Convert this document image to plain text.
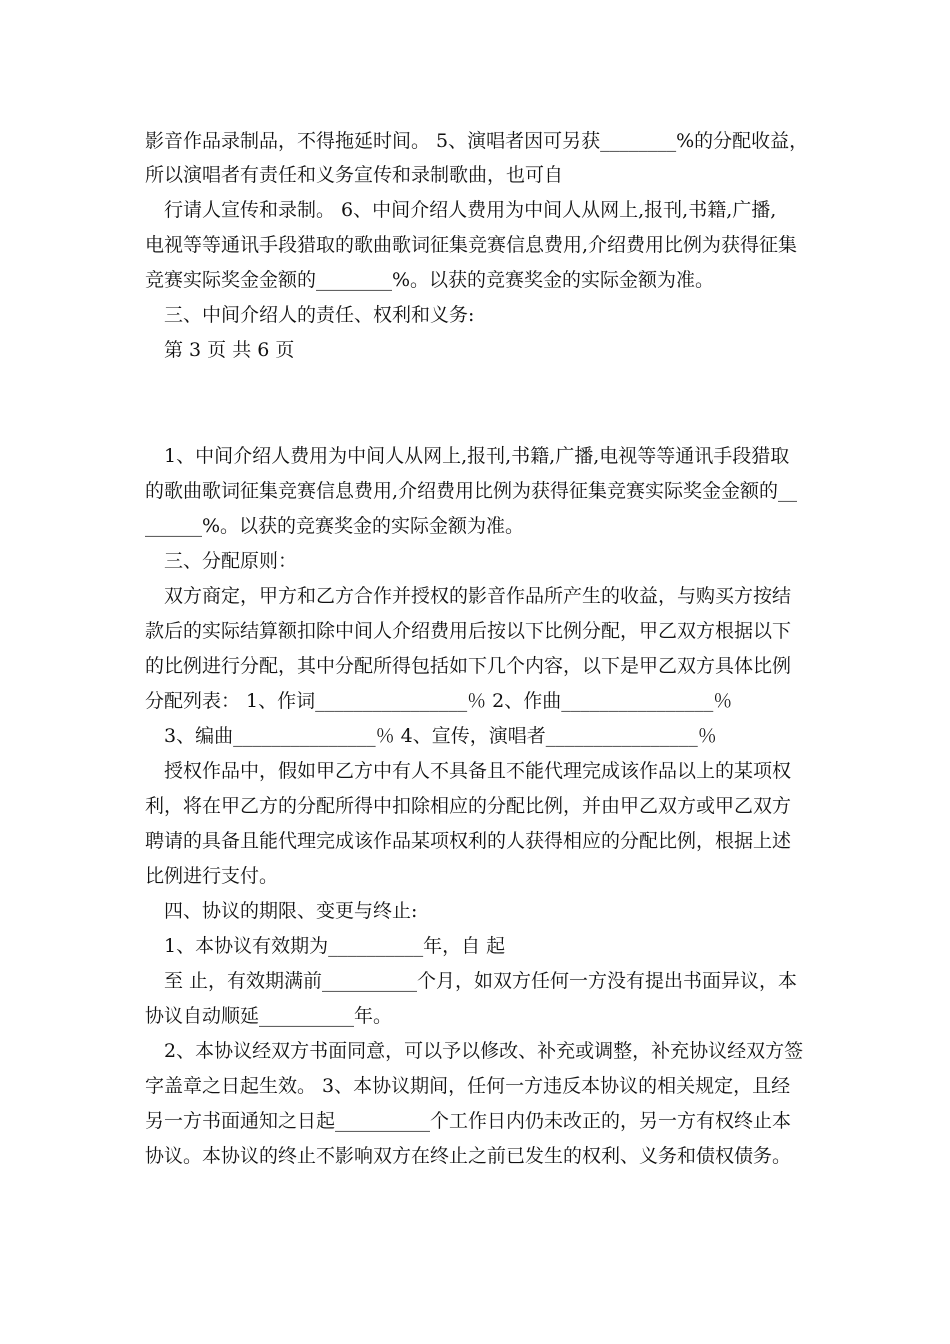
影音作品录制品，不得拖延时间。 5、演唱者因可另获________%的分配收益，

所以演唱者有责任和义务宣传和录制歌曲，也可自

行请人宣传和录制。 6、中间介绍人费用为中间人从网上,报刊,书籍,广播,

电视等等通讯手段猎取的歌曲歌词征集竞赛信息费用,介绍费用比例为获得征集

竞赛实际奖金金额的________%。以获的竞赛奖金的实际金额为准。

三、中间介绍人的责任、权利和义务:

第 3 页 共 6 页

1、中间介绍人费用为中间人从网上,报刊,书籍,广播,电视等等通讯手段猎取

的歌曲歌词征集竞赛信息费用,介绍费用比例为获得征集竞赛实际奖金金额的__

______%。以获的竞赛奖金的实际金额为准。

三、分配原则：

双方商定，甲方和乙方合作并授权的影音作品所产生的收益，与购买方按结

款后的实际结算额扣除中间人介绍费用后按以下比例分配，甲乙双方根据以下

的比例进行分配，其中分配所得包括如下几个内容，以下是甲乙双方具体比例

分配列表： 1、作词________________％ 2、作曲________________％

3、编曲_______________％ 4、宣传，演唱者________________％

授权作品中，假如甲乙方中有人不具备且不能代理完成该作品以上的某项权

利，将在甲乙方的分配所得中扣除相应的分配比例，并由甲乙双方或甲乙双方

聘请的具备且能代理完成该作品某项权利的人获得相应的分配比例，根据上述

比例进行支付。

四、协议的期限、变更与终止:

1、本协议有效期为__________年，自 起

至 止，有效期满前__________个月，如双方任何一方没有提出书面异议，本

协议自动顺延__________年。

2、本协议经双方书面同意，可以予以修改、补充或调整，补充协议经双方签

字盖章之日起生效。 3、本协议期间，任何一方违反本协议的相关规定，且经

另一方书面通知之日起__________个工作日内仍未改正的，另一方有权终止本

协议。本协议的终止不影响双方在终止之前已发生的权利、义务和债权债务。
